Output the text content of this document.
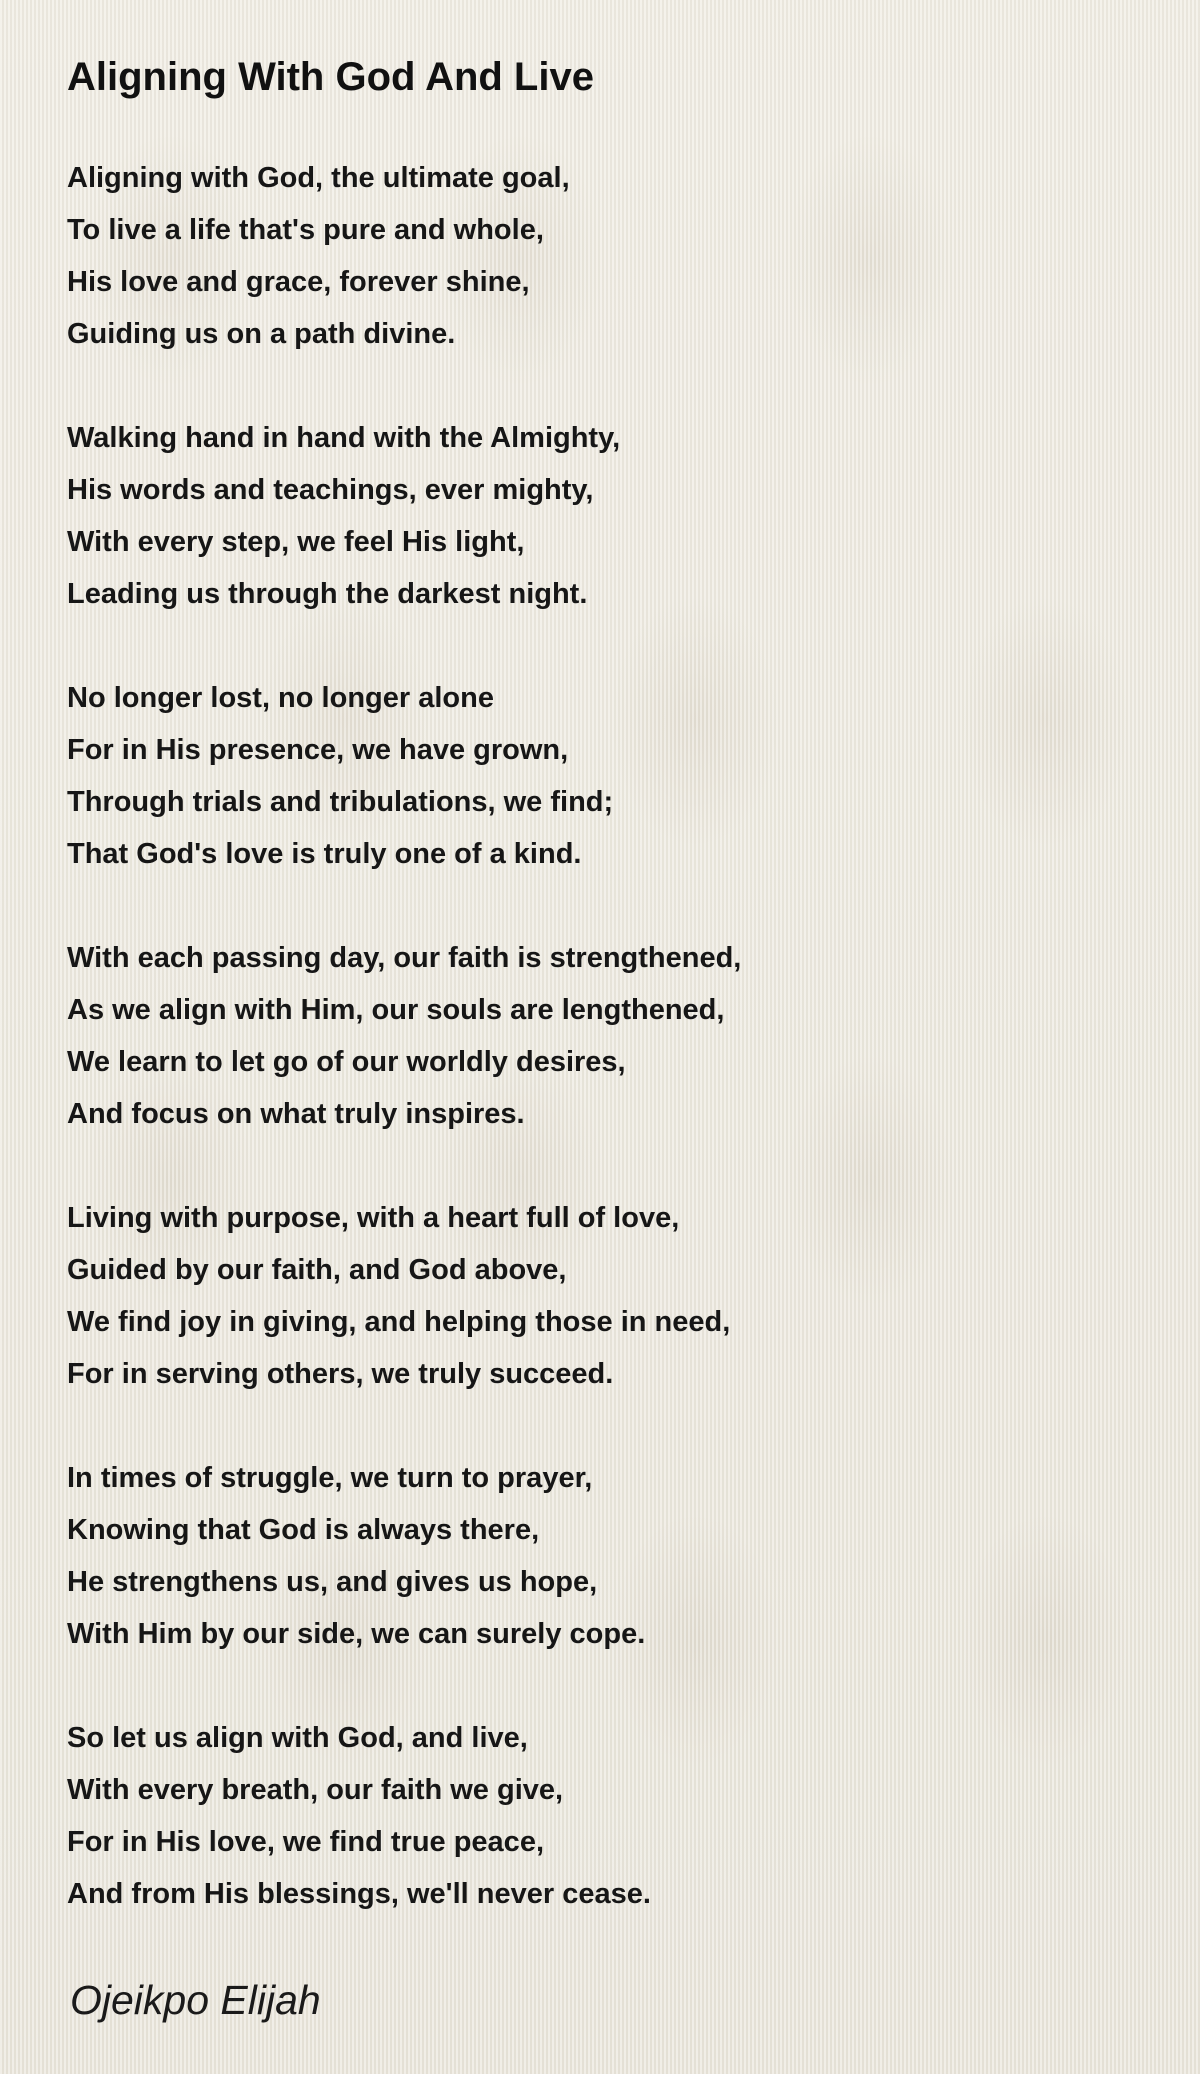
Aligning With God And Live
Aligning with God, the ultimate goal,
To live a life that's pure and whole,
His love and grace, forever shine,
Guiding us on a path divine.
Walking hand in hand with the Almighty,
His words and teachings, ever mighty,
With every step, we feel His light,
Leading us through the darkest night.
No longer lost, no longer alone
For in His presence, we have grown,
Through trials and tribulations, we find;
That God's love is truly one of a kind.
With each passing day, our faith is strengthened,
As we align with Him, our souls are lengthened,
We learn to let go of our worldly desires,
And focus on what truly inspires.
Living with purpose, with a heart full of love,
Guided by our faith, and God above,
We find joy in giving, and helping those in need,
For in serving others, we truly succeed.
In times of struggle, we turn to prayer,
Knowing that God is always there,
He strengthens us, and gives us hope,
With Him by our side, we can surely cope.
So let us align with God, and live,
With every breath, our faith we give,
For in His love, we find true peace,
And from His blessings, we'll never cease.
Ojeikpo Elijah
